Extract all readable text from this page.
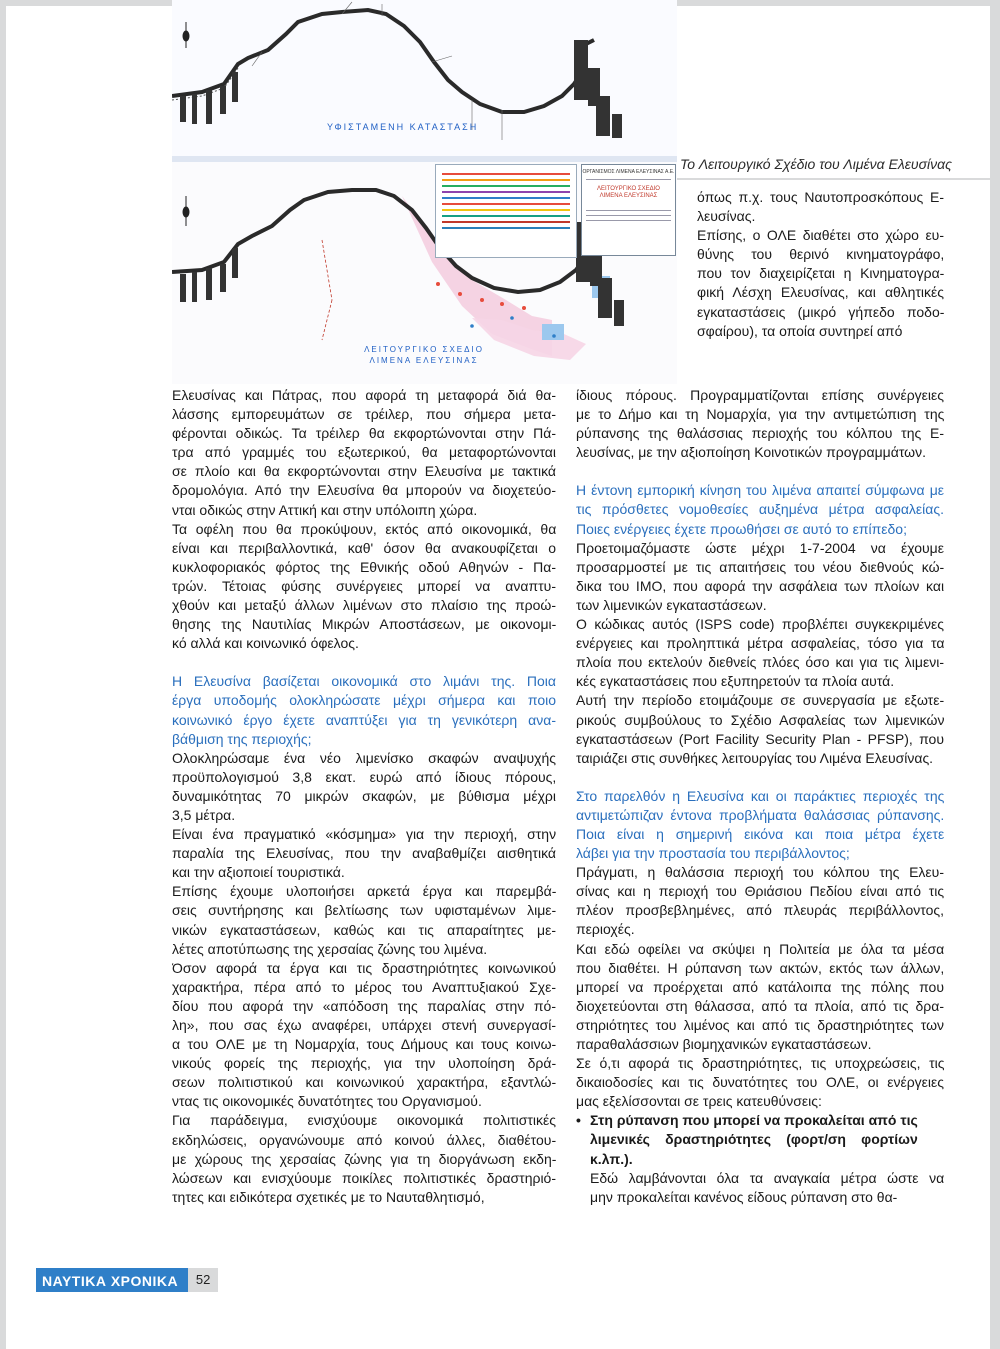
ΥΦΙΣΤΑΜΕΝΗ ΚΑΤΑΣΤΑΣΗ
ΛΕΙΤΟΥΡΓΙΚΟ ΣΧΕΔΙΟ
ΛΙΜΕΝΑ ΕΛΕΥΣΙΝΑΣ
ΟΡΓΑΝΙΣΜΟΣ ΛΙΜΕΝΑ ΕΛΕΥΣΙΝΑΣ Α.Ε.
ΛΕΙΤΟΥΡΓΙΚΟ ΣΧΕΔΙΟ
ΛΙΜΕΝΑ ΕΛΕΥΣΙΝΑΣ
Το Λειτουργικό Σχέδιο του Λιμένα Ελευσίνας
όπως π.χ. τους Ναυτοπροσκόπους Ε-
λευσίνας.
Επίσης, ο ΟΛΕ διαθέτει στο χώρο ευ-
θύνης του θερινό κινηματογράφο,
που τον διαχειρίζεται η Κινηματογρα-
φική Λέσχη Ελευσίνας, και αθλητικές
εγκαταστάσεις (μικρό γήπεδο ποδο-
σφαίρου), τα οποία συντηρεί από
Ελευσίνας και Πάτρας, που αφορά τη μεταφορά διά θα-
λάσσης εμπορευμάτων σε τρέιλερ, που σήμερα μετα-
φέρονται οδικώς. Τα τρέιλερ θα εκφορτώνονται στην Πά-
τρα από γραμμές του εξωτερικού, θα μεταφορτώνονται
σε πλοίο και θα εκφορτώνονται στην Ελευσίνα με τακτικά
δρομολόγια. Από την Ελευσίνα θα μπορούν να διοχετεύο-
νται οδικώς στην Αττική και στην υπόλοιπη χώρα.
Τα οφέλη που θα προκύψουν, εκτός από οικονομικά, θα
είναι και περιβαλλοντικά, καθ' όσον θα ανακουφίζεται ο
κυκλοφοριακός φόρτος της Εθνικής οδού Αθηνών - Πα-
τρών. Τέτοιας φύσης συνέργειες μπορεί να αναπτυ-
χθούν και μεταξύ άλλων λιμένων στο πλαίσιο της προώ-
θησης της Ναυτιλίας Μικρών Αποστάσεων, με οικονομι-
κό αλλά και κοινωνικό όφελος.
Η Ελευσίνα βασίζεται οικονομικά στο λιμάνι της. Ποια
έργα υποδομής ολοκληρώσατε μέχρι σήμερα και ποιο
κοινωνικό έργο έχετε αναπτύξει για τη γενικότερη ανα-
βάθμιση της περιοχής;
Ολοκληρώσαμε ένα νέο λιμενίσκο σκαφών αναψυχής
προϋπολογισμού 3,8 εκατ. ευρώ από ίδιους πόρους,
δυναμικότητας 70 μικρών σκαφών, με βύθισμα μέχρι
3,5 μέτρα.
Είναι ένα πραγματικό «κόσμημα» για την περιοχή, στην
παραλία της Ελευσίνας, που την αναβαθμίζει αισθητικά
και την αξιοποιεί τουριστικά.
Επίσης έχουμε υλοποιήσει αρκετά έργα και παρεμβά-
σεις συντήρησης και βελτίωσης των υφισταμένων λιμε-
νικών εγκαταστάσεων, καθώς και τις απαραίτητες με-
λέτες αποτύπωσης της χερσαίας ζώνης του λιμένα.
Όσον αφορά τα έργα και τις δραστηριότητες κοινωνικού
χαρακτήρα, πέρα από το μέρος του Αναπτυξιακού Σχε-
δίου που αφορά την «απόδοση της παραλίας στην πό-
λη», που σας έχω αναφέρει, υπάρχει στενή συνεργασί-
α του ΟΛΕ με τη Νομαρχία, τους Δήμους και τους κοινω-
νικούς φορείς της περιοχής, για την υλοποίηση δρά-
σεων πολιτιστικού και κοινωνικού χαρακτήρα, εξαντλώ-
ντας τις οικονομικές δυνατότητες του Οργανισμού.
Για παράδειγμα, ενισχύουμε οικονομικά πολιτιστικές
εκδηλώσεις, οργανώνουμε από κοινού άλλες, διαθέτου-
με χώρους της χερσαίας ζώνης για τη διοργάνωση εκδη-
λώσεων και ενισχύουμε ποικίλες πολιτιστικές δραστηριό-
τητες και ειδικότερα σχετικές με το Ναυταθλητισμό,
ίδιους πόρους. Προγραμματίζονται επίσης συνέργειες
με το Δήμο και τη Νομαρχία, για την αντιμετώπιση της
ρύπανσης της θαλάσσιας περιοχής του κόλπου της Ε-
λευσίνας, με την αξιοποίηση Κοινοτικών προγραμμάτων.
Η έντονη εμπορική κίνηση του λιμένα απαιτεί σύμφωνα με
τις πρόσθετες νομοθεσίες αυξημένα μέτρα ασφαλείας.
Ποιες ενέργειες έχετε προωθήσει σε αυτό το επίπεδο;
Προετοιμαζόμαστε ώστε μέχρι 1-7-2004 να έχουμε
προσαρμοστεί με τις απαιτήσεις του νέου διεθνούς κώ-
δικα του IMO, που αφορά την ασφάλεια των πλοίων και
των λιμενικών εγκαταστάσεων.
Ο κώδικας αυτός (ISPS code) προβλέπει συγκεκριμένες
ενέργειες και προληπτικά μέτρα ασφαλείας, τόσο για τα
πλοία που εκτελούν διεθνείς πλόες όσο και για τις λιμενι-
κές εγκαταστάσεις που εξυπηρετούν τα πλοία αυτά.
Αυτή την περίοδο ετοιμάζουμε σε συνεργασία με εξωτε-
ρικούς συμβούλους το Σχέδιο Ασφαλείας των λιμενικών
εγκαταστάσεων (Port Facility Security Plan - PFSP), που
ταιριάζει στις συνθήκες λειτουργίας του Λιμένα Ελευσίνας.
Στο παρελθόν η Ελευσίνα και οι παράκτιες περιοχές της
αντιμετώπιζαν έντονα προβλήματα θαλάσσιας ρύπανσης.
Ποια είναι η σημερινή εικόνα και ποια μέτρα έχετε
λάβει για την προστασία του περιβάλλοντος;
Πράγματι, η θαλάσσια περιοχή του κόλπου της Ελευ-
σίνας και η περιοχή του Θριάσιου Πεδίου είναι από τις
πλέον προσβεβλημένες, από πλευράς περιβάλλοντος,
περιοχές.
Και εδώ οφείλει να σκύψει η Πολιτεία με όλα τα μέσα
που διαθέτει. Η ρύπανση των ακτών, εκτός των άλλων,
μπορεί να προέρχεται από κατάλοιπα της πόλης που
διοχετεύονται στη θάλασσα, από τα πλοία, από τις δρα-
στηριότητες του λιμένος και από τις δραστηριότητες των
παραθαλάσσιων βιομηχανικών εγκαταστάσεων.
Σε ό,τι αφορά τις δραστηριότητες, τις υποχρεώσεις, τις
δικαιοδοσίες και τις δυνατότητες του ΟΛΕ, οι ενέργειες
μας εξελίσσονται σε τρεις κατευθύνσεις:
• Στη ρύπανση που μπορεί να προκαλείται από τις
λιμενικές δραστηριότητες (φορτ/ση φορτίων
κ.λπ.).
Εδώ λαμβάνονται όλα τα αναγκαία μέτρα ώστε να
μην προκαλείται κανένος είδους ρύπανση στο θα-
ΝΑΥΤΙΚΑ ΧΡΟΝΙΚΑ	52
